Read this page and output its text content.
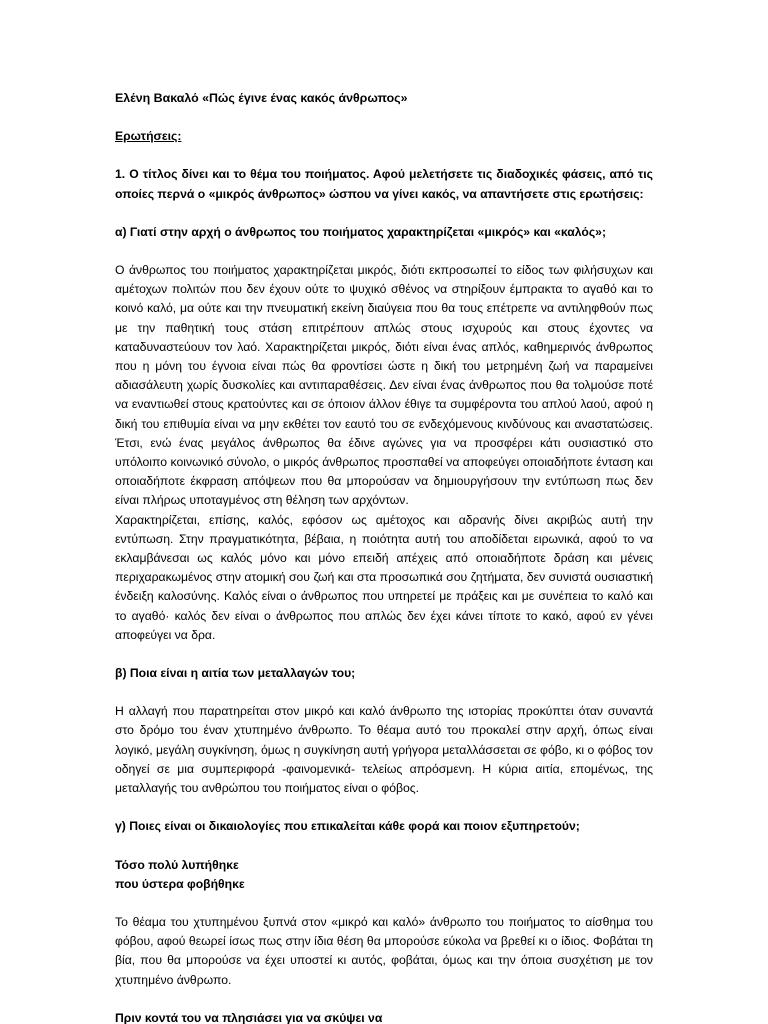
Ελένη Βακαλό «Πώς έγινε ένας κακός άνθρωπος»

Ερωτήσεις:

1. Ο τίτλος δίνει και το θέμα του ποιήματος. Αφού μελετήσετε τις διαδοχικές φάσεις, από τις οποίες περνά ο «μικρός άνθρωπος» ώσπου να γίνει κακός, να απαντήσετε στις ερωτήσεις:

α) Γιατί στην αρχή ο άνθρωπος του ποιήματος χαρακτηρίζεται «μικρός» και «καλός»;

Ο άνθρωπος του ποιήματος χαρακτηρίζεται μικρός, διότι εκπροσωπεί το είδος των φιλήσυχων και αμέτοχων πολιτών που δεν έχουν ούτε το ψυχικό σθένος να στηρίξουν έμπρακτα το αγαθό και το κοινό καλό, μα ούτε και την πνευματική εκείνη διαύγεια που θα τους επέτρεπε να αντιληφθούν πως με την παθητική τους στάση επιτρέπουν απλώς στους ισχυρούς και στους έχοντες να καταδυναστεύουν τον λαό. Χαρακτηρίζεται μικρός, διότι είναι ένας απλός, καθημερινός άνθρωπος που η μόνη του έγνοια είναι πώς θα φροντίσει ώστε η δική του μετρημένη ζωή να παραμείνει αδιασάλευτη χωρίς δυσκολίες και αντιπαραθέσεις. Δεν είναι ένας άνθρωπος που θα τολμούσε ποτέ να εναντιωθεί στους κρατούντες και σε όποιον άλλον έθιγε τα συμφέροντα του απλού λαού, αφού η δική του επιθυμία είναι να μην εκθέτει τον εαυτό του σε ενδεχόμενους κινδύνους και αναστατώσεις. Έτσι, ενώ ένας μεγάλος άνθρωπος θα έδινε αγώνες για να προσφέρει κάτι ουσιαστικό στο υπόλοιπο κοινωνικό σύνολο, ο μικρός άνθρωπος προσπαθεί να αποφεύγει οποιαδήποτε ένταση και οποιαδήποτε έκφραση απόψεων που θα μπορούσαν να δημιουργήσουν την εντύπωση πως δεν είναι πλήρως υποταγμένος στη θέληση των αρχόντων.

Χαρακτηρίζεται, επίσης, καλός, εφόσον ως αμέτοχος και αδρανής δίνει ακριβώς αυτή την εντύπωση. Στην πραγματικότητα, βέβαια, η ποιότητα αυτή του αποδίδεται ειρωνικά, αφού το να εκλαμβάνεσαι ως καλός μόνο και μόνο επειδή απέχεις από οποιαδήποτε δράση και μένεις περιχαρακωμένος στην ατομική σου ζωή και στα προσωπικά σου ζητήματα, δεν συνιστά ουσιαστική ένδειξη καλοσύνης. Καλός είναι ο άνθρωπος που υπηρετεί με πράξεις και με συνέπεια το καλό και το αγαθό· καλός δεν είναι ο άνθρωπος που απλώς δεν έχει κάνει τίποτε το κακό, αφού εν γένει αποφεύγει να δρα.

β) Ποια είναι η αιτία των μεταλλαγών του;

Η αλλαγή που παρατηρείται στον μικρό και καλό άνθρωπο της ιστορίας προκύπτει όταν συναντά στο δρόμο του έναν χτυπημένο άνθρωπο. Το θέαμα αυτό του προκαλεί στην αρχή, όπως είναι λογικό, μεγάλη συγκίνηση, όμως η συγκίνηση αυτή γρήγορα μεταλλάσσεται σε φόβο, κι ο φόβος τον οδηγεί σε μια συμπεριφορά -φαινομενικά- τελείως απρόσμενη. Η κύρια αιτία, επομένως, της μεταλλαγής του ανθρώπου του ποιήματος είναι ο φόβος.

γ) Ποιες είναι οι δικαιολογίες που επικαλείται κάθε φορά και ποιον εξυπηρετούν;

Τόσο πολύ λυπήθηκε
που ύστερα φοβήθηκε

Το θέαμα του χτυπημένου ξυπνά στον «μικρό και καλό» άνθρωπο του ποιήματος το αίσθημα του φόβου, αφού θεωρεί ίσως πως στην ίδια θέση θα μπορούσε εύκολα να βρεθεί κι ο ίδιος. Φοβάται τη βία, που θα μπορούσε να έχει υποστεί κι αυτός, φοβάται, όμως και την όποια συσχέτιση με τον χτυπημένο άνθρωπο.

Πριν κοντά του να πλησιάσει για να σκύψει να
